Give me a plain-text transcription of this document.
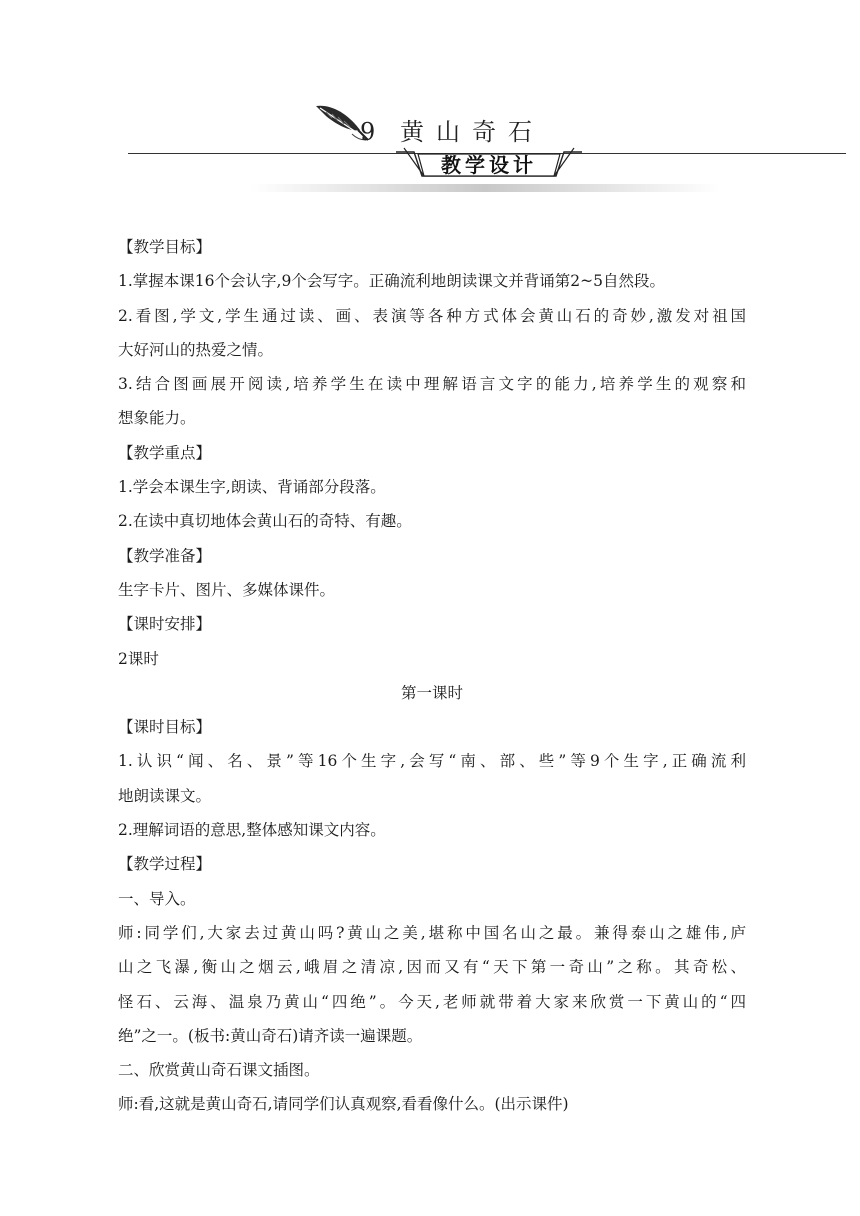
9 黄山奇石
教学设计
【教学目标】
1.掌握本课16个会认字,9个会写字。正确流利地朗读课文并背诵第2~5自然段。
2.看图,学文,学生通过读、画、表演等各种方式体会黄山石的奇妙,激发对祖国
大好河山的热爱之情。
3.结合图画展开阅读,培养学生在读中理解语言文字的能力,培养学生的观察和
想象能力。
【教学重点】
1.学会本课生字,朗读、背诵部分段落。
2.在读中真切地体会黄山石的奇特、有趣。
【教学准备】
生字卡片、图片、多媒体课件。
【课时安排】
2课时
第一课时
【课时目标】
1.认识“闻、名、景”等16个生字,会写“南、部、些”等9个生字,正确流利
地朗读课文。
2.理解词语的意思,整体感知课文内容。
【教学过程】
一、导入。
师:同学们,大家去过黄山吗?黄山之美,堪称中国名山之最。兼得泰山之雄伟,庐
山之飞瀑,衡山之烟云,峨眉之清凉,因而又有“天下第一奇山”之称。其奇松、
怪石、云海、温泉乃黄山“四绝”。今天,老师就带着大家来欣赏一下黄山的“四
绝”之一。(板书:黄山奇石)请齐读一遍课题。
二、欣赏黄山奇石课文插图。
师:看,这就是黄山奇石,请同学们认真观察,看看像什么。(出示课件)
